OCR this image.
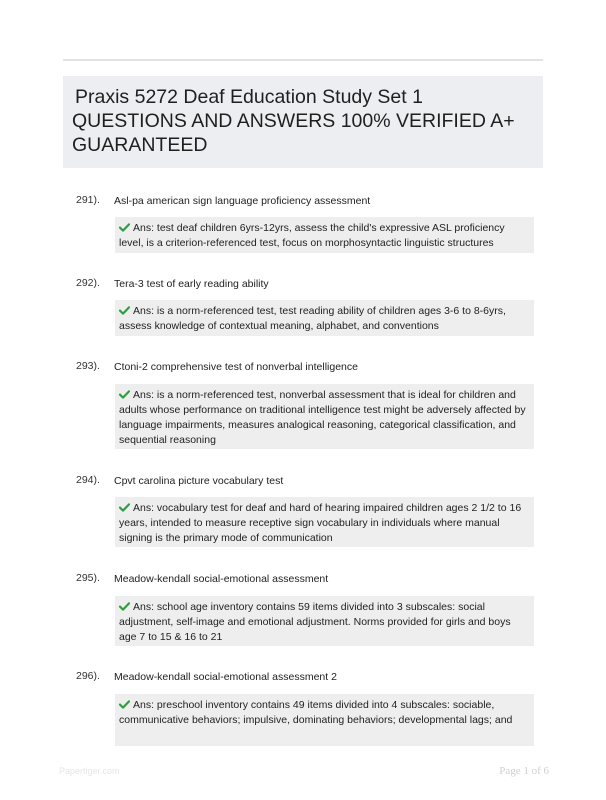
Praxis 5272 Deaf Education Study Set 1
QUESTIONS AND ANSWERS 100% VERIFIED A+
GUARANTEED
291). Asl-pa american sign language proficiency assessment
Ans: test deaf children 6yrs-12yrs, assess the child's expressive ASL proficiency level, is a criterion-referenced test, focus on morphosyntactic linguistic structures
292). Tera-3 test of early reading ability
Ans: is a norm-referenced test, test reading ability of children ages 3-6 to 8-6yrs, assess knowledge of contextual meaning, alphabet, and conventions
293). Ctoni-2 comprehensive test of nonverbal intelligence
Ans: is a norm-referenced test, nonverbal assessment that is ideal for children and adults whose performance on traditional intelligence test might be adversely affected by language impairments, measures analogical reasoning, categorical classification, and sequential reasoning
294). Cpvt carolina picture vocabulary test
Ans: vocabulary test for deaf and hard of hearing impaired children ages 2 1/2 to 16 years, intended to measure receptive sign vocabulary in individuals where manual signing is the primary mode of communication
295). Meadow-kendall social-emotional assessment
Ans: school age inventory contains 59 items divided into 3 subscales: social adjustment, self-image and emotional adjustment. Norms provided for girls and boys age 7 to 15 & 16 to 21
296). Meadow-kendall social-emotional assessment 2
Ans: preschool inventory contains 49 items divided into 4 subscales: sociable, communicative behaviors; impulsive, dominating behaviors; developmental lags; and
Papertiger.com	Page 1 of 6
